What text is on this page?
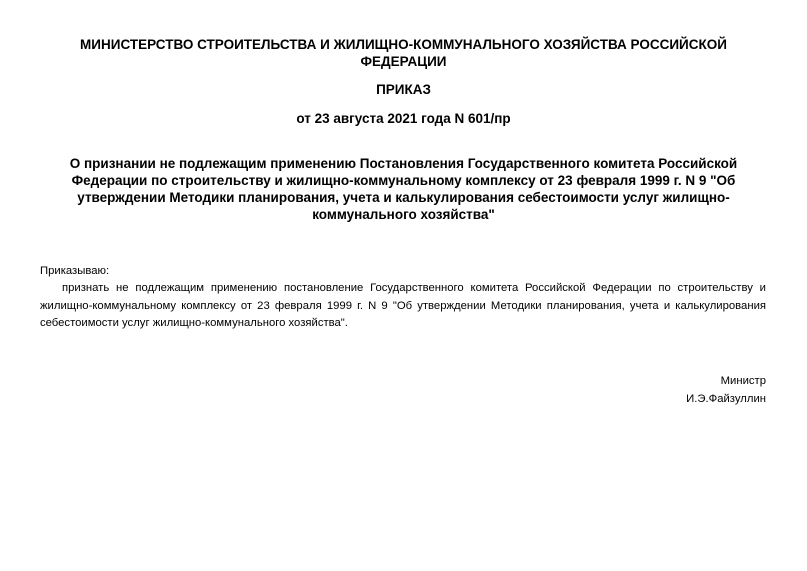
МИНИСТЕРСТВО СТРОИТЕЛЬСТВА И ЖИЛИЩНО-КОММУНАЛЬНОГО ХОЗЯЙСТВА РОССИЙСКОЙ ФЕДЕРАЦИИ

ПРИКАЗ

от 23 августа 2021 года N 601/пр

О признании не подлежащим применению Постановления Государственного комитета Российской Федерации по строительству и жилищно-коммунальному комплексу от 23 февраля 1999 г. N 9 "Об утверждении Методики планирования, учета и калькулирования себестоимости услуг жилищно-коммунального хозяйства"

Приказываю:

признать не подлежащим применению постановление Государственного комитета Российской Федерации по строительству и жилищно-коммунальному комплексу от 23 февраля 1999 г. N 9 "Об утверждении Методики планирования, учета и калькулирования себестоимости услуг жилищно-коммунального хозяйства".

Министр
И.Э.Файзуллин
